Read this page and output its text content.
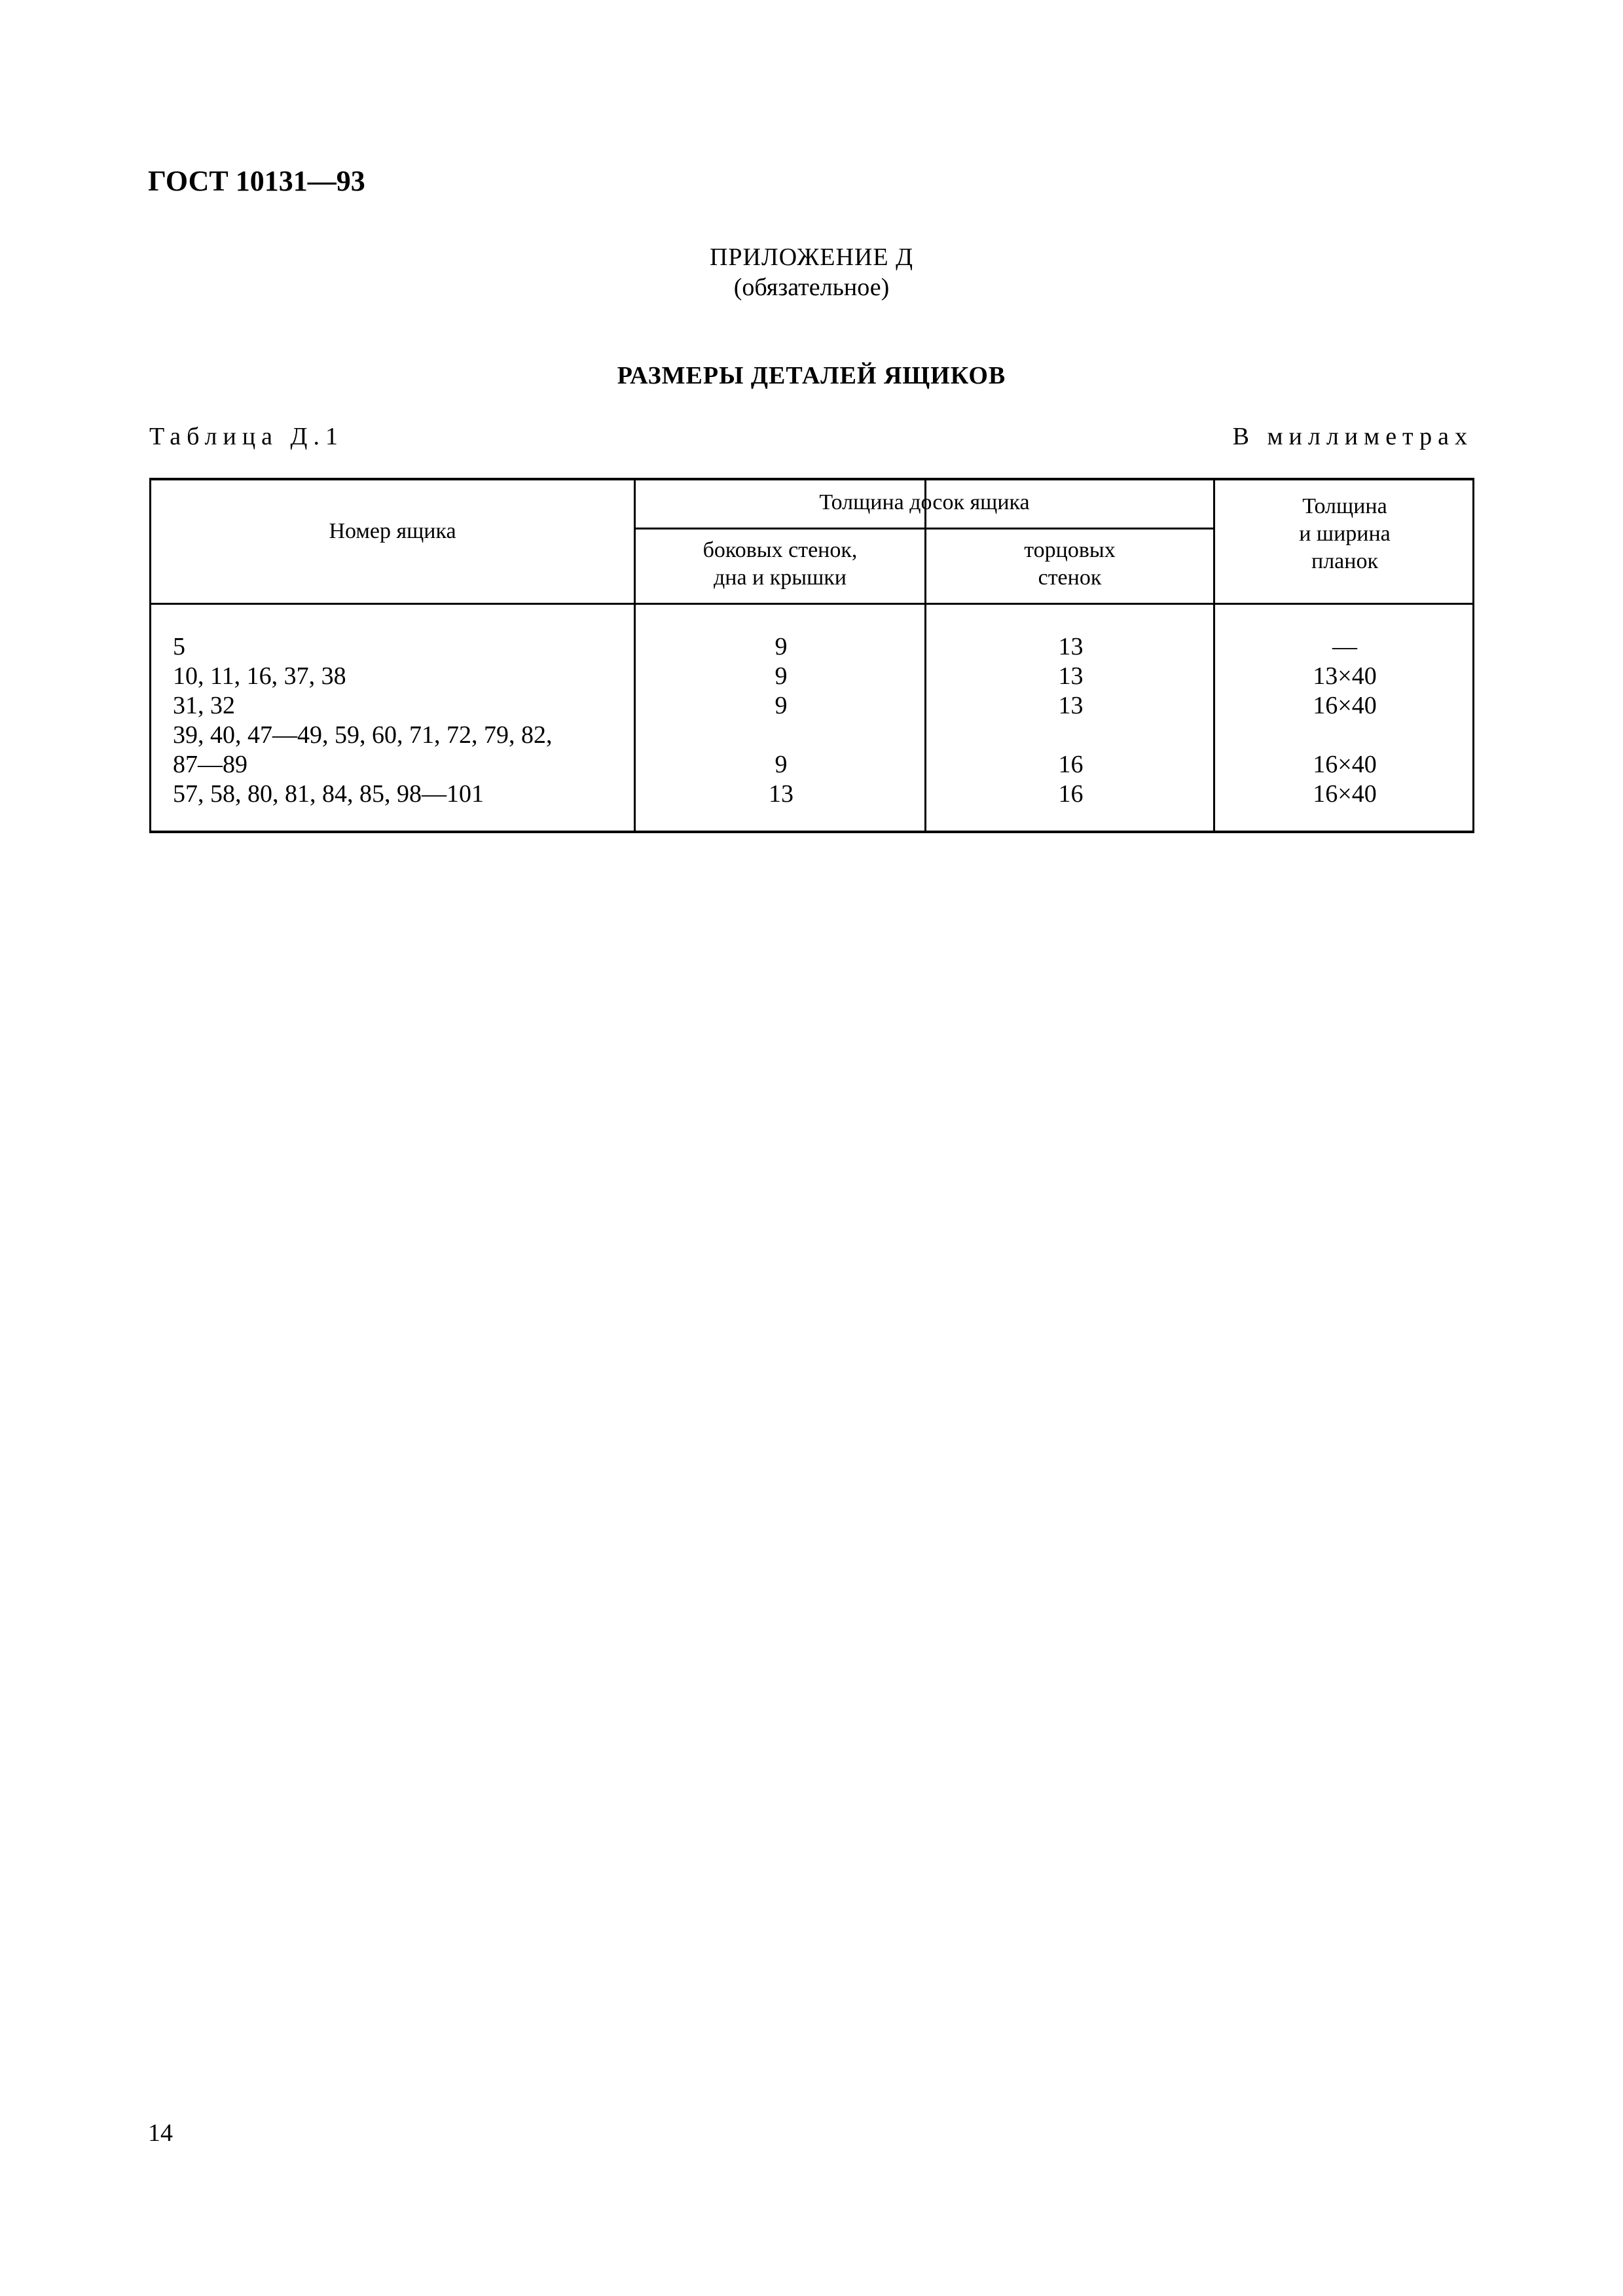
ГОСТ 10131—93
ПРИЛОЖЕНИЕ Д
(обязательное)
РАЗМЕРЫ ДЕТАЛЕЙ ЯЩИКОВ
Таблица Д.1	В миллиметрах
Номер ящика
Толщина досок ящика
боковых стенок,
дна и крышки
торцовых
стенок
Толщина
и ширина
планок
5
10, 11, 16, 37, 38
31, 32
39, 40, 47—49, 59, 60, 71, 72, 79, 82,
87—89
57, 58, 80, 81, 84, 85, 98—101
9
9
9
9
13
13
13
13
16
16
—
13×40
16×40
16×40
16×40
14
